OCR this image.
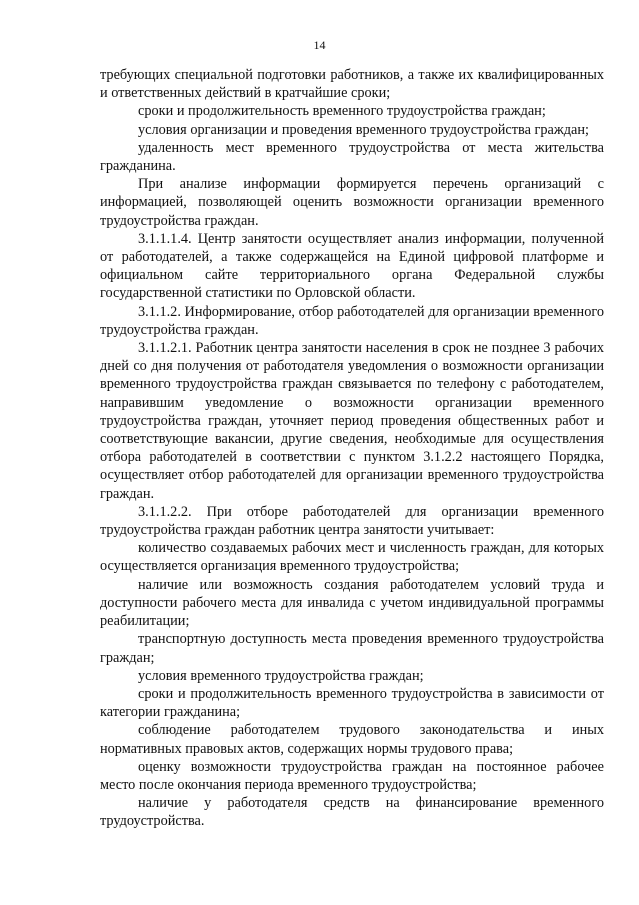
14

требующих специальной подготовки работников, а также их квалифицированных и ответственных действий в кратчайшие сроки;

сроки и продолжительность временного трудоустройства граждан;

условия организации и проведения временного трудоустройства граждан;

удаленность мест временного трудоустройства от места жительства гражданина.

При анализе информации формируется перечень организаций с информацией, позволяющей оценить возможности организации временного трудоустройства граждан.

3.1.1.1.4. Центр занятости осуществляет анализ информации, полученной от работодателей, а также содержащейся на Единой цифровой платформе и официальном сайте территориального органа Федеральной службы государственной статистики по Орловской области.

3.1.1.2. Информирование, отбор работодателей для организации временного трудоустройства граждан.

3.1.1.2.1. Работник центра занятости населения в срок не позднее 3 рабочих дней со дня получения от работодателя уведомления о возможности организации временного трудоустройства граждан связывается по телефону с работодателем, направившим уведомление о возможности организации временного трудоустройства граждан, уточняет период проведения общественных работ и соответствующие вакансии, другие сведения, необходимые для осуществления отбора работодателей в соответствии с пунктом 3.1.2.2 настоящего Порядка, осуществляет отбор работодателей для организации временного трудоустройства граждан.

3.1.1.2.2. При отборе работодателей для организации временного трудоустройства граждан работник центра занятости учитывает:

количество создаваемых рабочих мест и численность граждан, для которых осуществляется организация временного трудоустройства;

наличие или возможность создания работодателем условий труда и доступности рабочего места для инвалида с учетом индивидуальной программы реабилитации;

транспортную доступность места проведения временного трудоустройства граждан;

условия временного трудоустройства граждан;

сроки и продолжительность временного трудоустройства в зависимости от категории гражданина;

соблюдение работодателем трудового законодательства и иных нормативных правовых актов, содержащих нормы трудового права;

оценку возможности трудоустройства граждан на постоянное рабочее место после окончания периода временного трудоустройства;

наличие у работодателя средств на финансирование временного трудоустройства.
